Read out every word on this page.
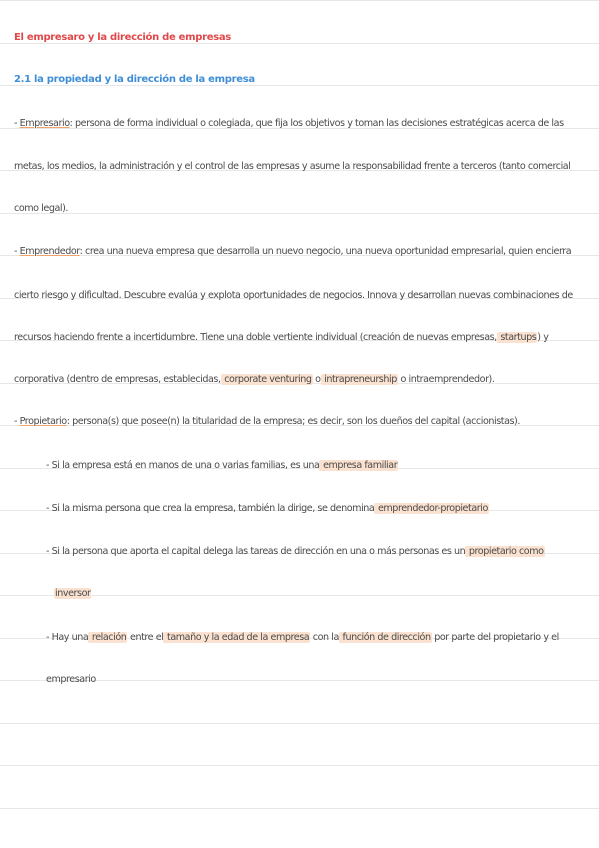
El empresaro y la dirección de empresas
2.1 la propiedad y la dirección de la empresa
- Empresario: persona de forma individual o colegiada, que fija los objetivos y toman las decisiones estratégicas acerca de las
metas, los medios, la administración y el control de las empresas y asume la responsabilidad frente a terceros (tanto comercial
como legal).
- Emprendedor: crea una nueva empresa que desarrolla un nuevo negocio, una nueva oportunidad empresarial, quien encierra
cierto riesgo y dificultad. Descubre evalúa y explota oportunidades de negocios. Innova y desarrollan nuevas combinaciones de
recursos haciendo frente a incertidumbre. Tiene una doble vertiente individual (creación de nuevas empresas, startups) y
corporativa (dentro de empresas, establecidas, corporate venturing o intrapreneurship o intraemprendedor).
- Propietario: persona(s) que posee(n) la titularidad de la empresa; es decir, son los dueños del capital (accionistas).
- Si la empresa está en manos de una o varias familias, es una empresa familiar
- Si la misma persona que crea la empresa, también la dirige, se denomina emprendedor-propietario
- Si la persona que aporta el capital delega las tareas de dirección en una o más personas es un propietario como
inversor
- Hay una relación entre el tamaño y la edad de la empresa con la función de dirección por parte del propietario y el
empresario
